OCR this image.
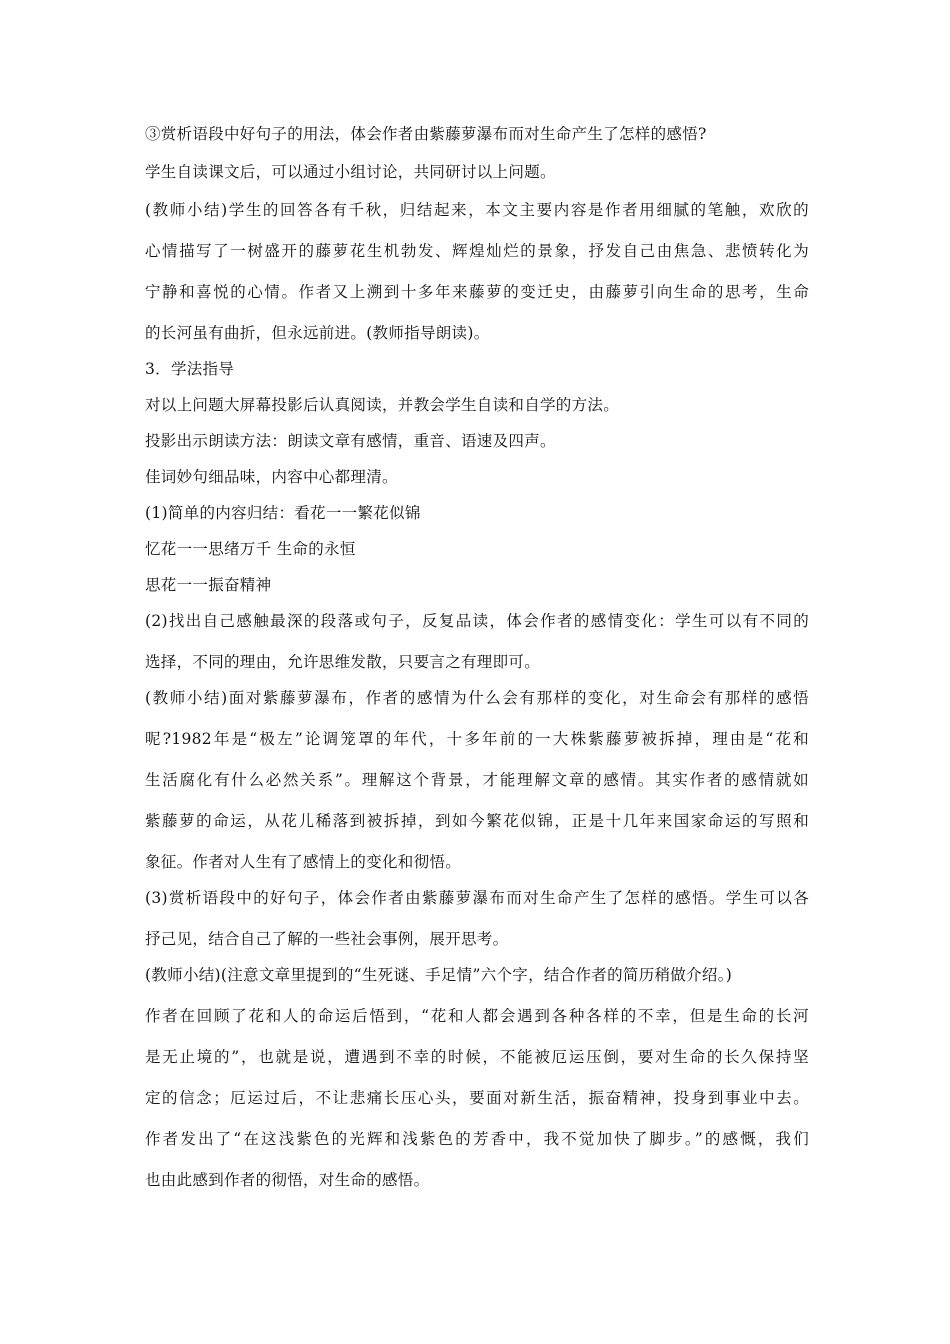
③赏析语段中好句子的用法，体会作者由紫藤萝瀑布而对生命产生了怎样的感悟?
学生自读课文后，可以通过小组讨论，共同研讨以上问题。
(教师小结)学生的回答各有千秋，归结起来，本文主要内容是作者用细腻的笔触，欢欣的
心情描写了一树盛开的藤萝花生机勃发、辉煌灿烂的景象，抒发自己由焦急、悲愤转化为
宁静和喜悦的心情。作者又上溯到十多年来藤萝的变迁史，由藤萝引向生命的思考，生命
的长河虽有曲折，但永远前进。(教师指导朗读)。
3．学法指导
对以上问题大屏幕投影后认真阅读，并教会学生自读和自学的方法。
投影出示朗读方法：朗读文章有感情，重音、语速及四声。
佳词妙句细品味，内容中心都理清。
(1)简单的内容归结：看花一一繁花似锦
忆花一一思绪万千 生命的永恒
思花一一振奋精神
(2)找出自己感触最深的段落或句子，反复品读，体会作者的感情变化：学生可以有不同的
选择，不同的理由，允许思维发散，只要言之有理即可。
(教师小结)面对紫藤萝瀑布，作者的感情为什么会有那样的变化，对生命会有那样的感悟
呢?1982年是“极左”论调笼罩的年代，十多年前的一大株紫藤萝被拆掉，理由是“花和
生活腐化有什么必然关系”。理解这个背景，才能理解文章的感情。其实作者的感情就如
紫藤萝的命运，从花儿稀落到被拆掉，到如今繁花似锦，正是十几年来国家命运的写照和
象征。作者对人生有了感情上的变化和彻悟。
(3)赏析语段中的好句子，体会作者由紫藤萝瀑布而对生命产生了怎样的感悟。学生可以各
抒己见，结合自己了解的一些社会事例，展开思考。
(教师小结)(注意文章里提到的“生死谜、手足情”六个字，结合作者的简历稍做介绍。)
作者在回顾了花和人的命运后悟到，“花和人都会遇到各种各样的不幸，但是生命的长河
是无止境的”，也就是说，遭遇到不幸的时候，不能被厄运压倒，要对生命的长久保持坚
定的信念；厄运过后，不让悲痛长压心头，要面对新生活，振奋精神，投身到事业中去。
作者发出了“在这浅紫色的光辉和浅紫色的芳香中，我不觉加快了脚步。”的感慨，我们
也由此感到作者的彻悟，对生命的感悟。
